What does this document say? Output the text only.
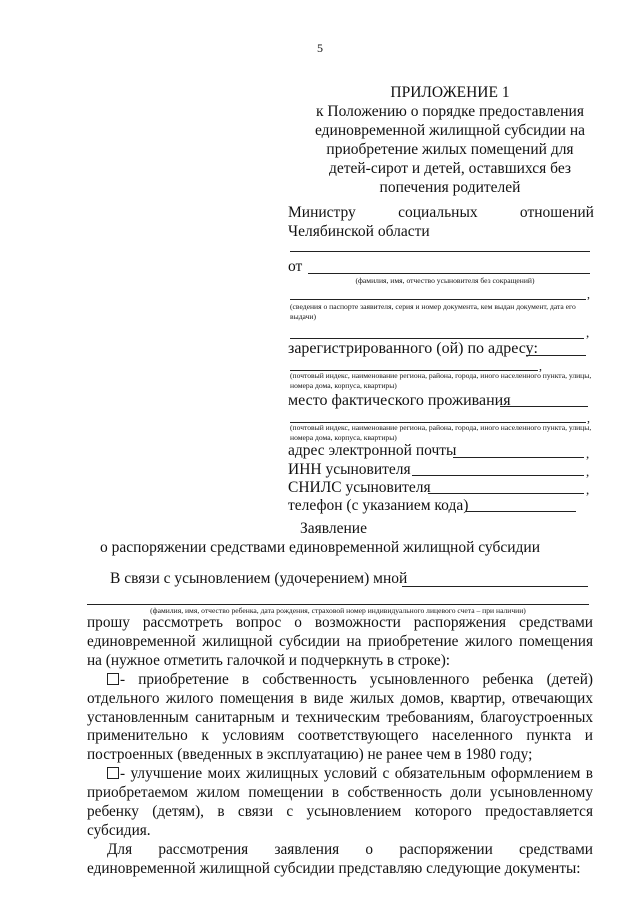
5
ПРИЛОЖЕНИЕ 1
к Положению о порядке предоставления
единовременной жилищной субсидии на
приобретение жилых помещений для
детей-сирот и детей, оставшихся без
попечения родителей
Министру	социальных	отношений
Челябинской области
от
(фамилия, имя, отчество усыновителя без сокращений)
,
(сведения о паспорте заявителя, серия и номер документа, кем выдан документ, дата его выдачи)
,
зарегистрированного (ой) по адресу:
,
(почтовый индекс, наименование региона, района, города, иного населенного пункта, улицы, номера дома, корпуса, квартиры)
место фактического проживания
,
(почтовый индекс, наименование региона, района, города, иного населенного пункта, улицы, номера дома, корпуса, квартиры)
адрес электронной почты	,
ИНН усыновителя	,
СНИЛС усыновителя	,
телефон (с указанием кода)
Заявление
о распоряжении средствами единовременной жилищной субсидии
В связи с усыновлением (удочерением) мной
(фамилия, имя, отчество ребенка, дата рождения, страховой номер индивидуального лицевого счета – при наличии)

прошу рассмотреть вопрос о возможности распоряжения средствами единовременной жилищной субсидии на приобретение жилого помещения на (нужное отметить галочкой и подчеркнуть в строке):

- приобретение в собственность усыновленного ребенка (детей) отдельного жилого помещения в виде жилых домов, квартир, отвечающих установленным санитарным и техническим требованиям, благоустроенных применительно к условиям соответствующего населенного пункта и построенных (введенных в эксплуатацию) не ранее чем в 1980 году;

- улучшение моих жилищных условий с обязательным оформлением в приобретаемом жилом помещении в собственность доли усыновленному ребенку (детям), в связи с усыновлением которого предоставляется субсидия.

Для рассмотрения заявления о распоряжении средствами единовременной жилищной субсидии представляю следующие документы:
